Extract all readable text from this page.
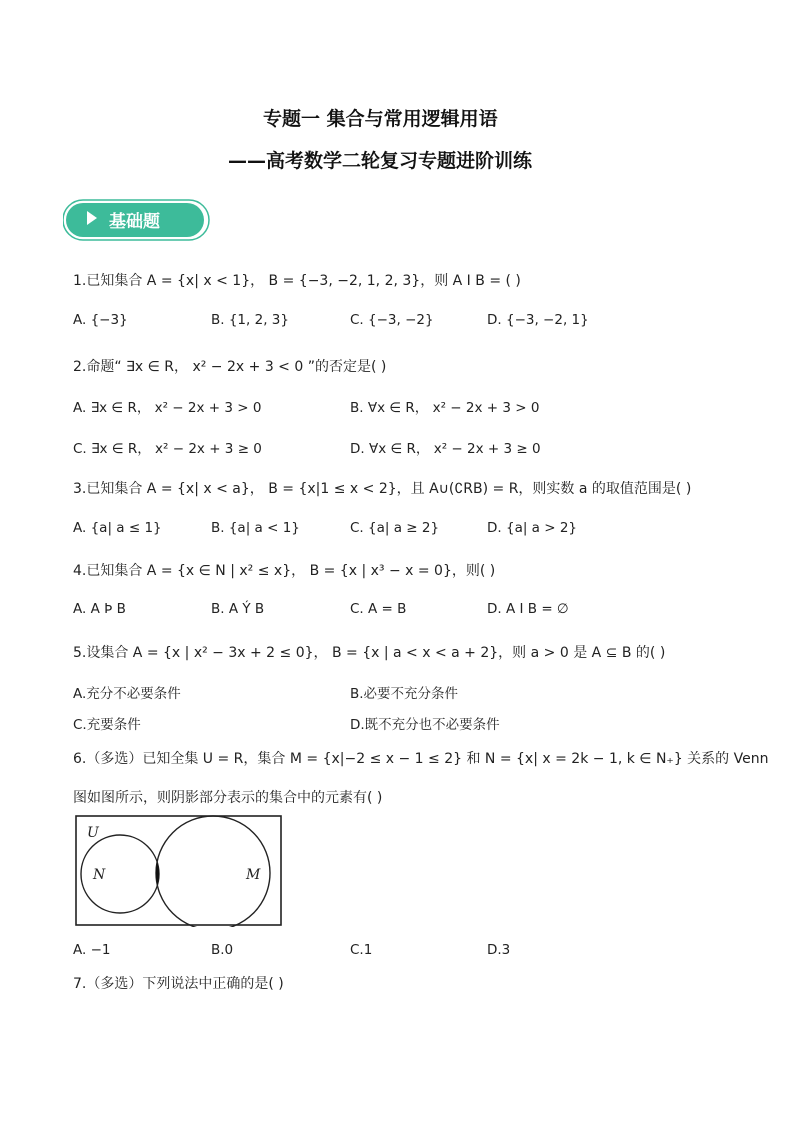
专题一 集合与常用逻辑用语
——高考数学二轮复习专题进阶训练
基础题
1.已知集合 A = {x| x < 1}， B = {−3, −2, 1, 2, 3}，则 A I B = ( )
A. {−3}	B. {1, 2, 3}	C. {−3, −2}	D. {−3, −2, 1}
2.命题“ ∃x ∈ R， x² − 2x + 3 < 0 ”的否定是( )
A. ∃x ∈ R， x² − 2x + 3 > 0	B. ∀x ∈ R， x² − 2x + 3 > 0
C. ∃x ∈ R， x² − 2x + 3 ≥ 0	D. ∀x ∈ R， x² − 2x + 3 ≥ 0
3.已知集合 A = {x| x < a}， B = {x|1 ≤ x < 2}，且 A∪(∁RB) = R，则实数 a 的取值范围是( )
A. {a| a ≤ 1}	B. {a| a < 1}	C. {a| a ≥ 2}	D. {a| a > 2}
4.已知集合 A = {x ∈ N | x² ≤ x}， B = {x | x³ − x = 0}，则( )
A. A Þ B	B. A Ý B	C. A = B	D. A I B = ∅
5.设集合 A = {x | x² − 3x + 2 ≤ 0}， B = {x | a < x < a + 2}，则 a > 0 是 A ⊆ B 的( )
A.充分不必要条件	B.必要不充分条件
C.充要条件	D.既不充分也不必要条件
6.（多选）已知全集 U = R，集合 M = {x|−2 ≤ x − 1 ≤ 2} 和 N = {x| x = 2k − 1, k ∈ N₊} 关系的 Venn
图如图所示，则阴影部分表示的集合中的元素有( )
U
N	M
A. −1	B.0	C.1	D.3
7.（多选）下列说法中正确的是( )
